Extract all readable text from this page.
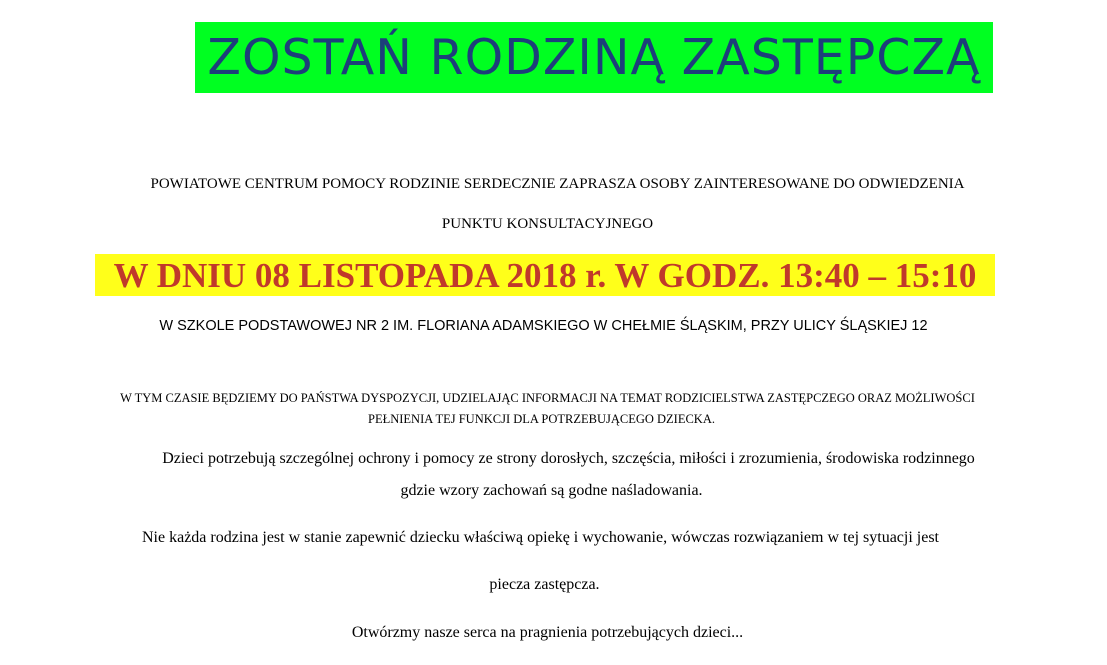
ZOSTAŃ RODZINĄ ZASTĘPCZĄ
POWIATOWE CENTRUM POMOCY RODZINIE SERDECZNIE ZAPRASZA OSOBY ZAINTERESOWANE DO ODWIEDZENIA
PUNKTU KONSULTACYJNEGO
W DNIU 08 LISTOPADA 2018 r. W GODZ. 13:40 – 15:10
W SZKOLE PODSTAWOWEJ NR 2 IM. FLORIANA ADAMSKIEGO W CHEŁMIE ŚLĄSKIM, PRZY ULICY ŚLĄSKIEJ 12
W TYM CZASIE BĘDZIEMY DO PAŃSTWA DYSPOZYCJI, UDZIELAJĄC INFORMACJI NA TEMAT RODZICIELSTWA ZASTĘPCZEGO ORAZ MOŻLIWOŚCI
PEŁNIENIA TEJ FUNKCJI DLA POTRZEBUJĄCEGO DZIECKA.
Dzieci potrzebują szczególnej ochrony i pomocy ze strony dorosłych, szczęścia, miłości i zrozumienia, środowiska rodzinnego
gdzie wzory zachowań są godne naśladowania.
Nie każda rodzina jest w stanie zapewnić dziecku właściwą opiekę i wychowanie, wówczas rozwiązaniem w tej sytuacji jest
piecza zastępcza.
Otwórzmy nasze serca na pragnienia potrzebujących dzieci...
